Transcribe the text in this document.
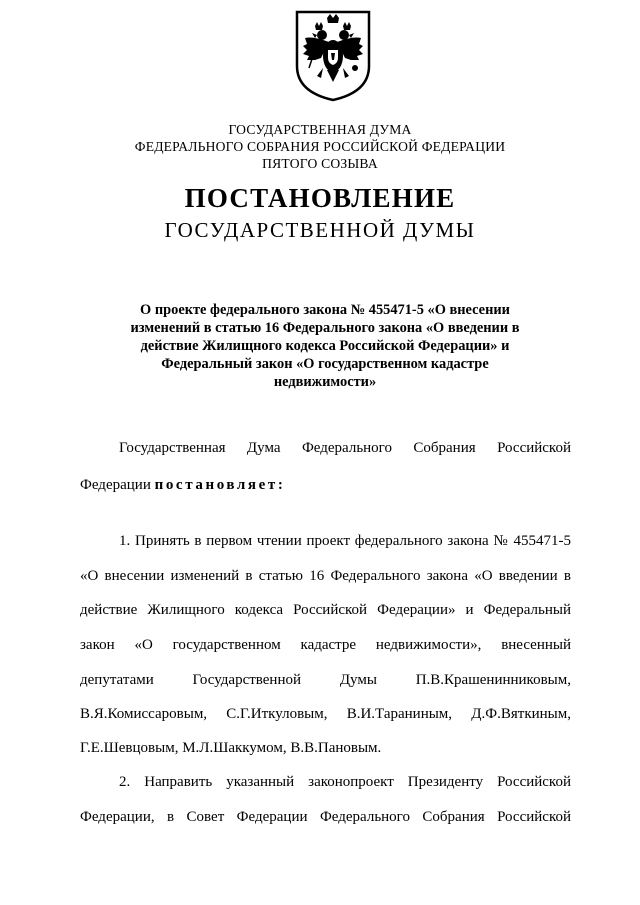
ГОСУДАРСТВЕННАЯ ДУМА
ФЕДЕРАЛЬНОГО СОБРАНИЯ РОССИЙСКОЙ ФЕДЕРАЦИИ
ПЯТОГО СОЗЫВА
ПОСТАНОВЛЕНИЕ
ГОСУДАРСТВЕННОЙ ДУМЫ
О проекте федерального закона № 455471-5 «О внесении
изменений в статью 16 Федерального закона «О введении в
действие Жилищного кодекса Российской Федерации» и
Федеральный закон «О государственном кадастре
недвижимости»
Государственная Дума Федерального Собрания Российской
Федерации постановляет:
1. Принять в первом чтении проект федерального закона № 455471-5
«О внесении изменений в статью 16 Федерального закона «О введении в
действие Жилищного кодекса Российской Федерации» и Федеральный
закон «О государственном кадастре недвижимости», внесенный
депутатами Государственной Думы П.В.Крашенинниковым,
В.Я.Комиссаровым, С.Г.Иткуловым, В.И.Тараниным, Д.Ф.Вяткиным,
Г.Е.Шевцовым, М.Л.Шаккумом, В.В.Пановым.
2. Направить указанный законопроект Президенту Российской
Федерации, в Совет Федерации Федерального Собрания Российской
